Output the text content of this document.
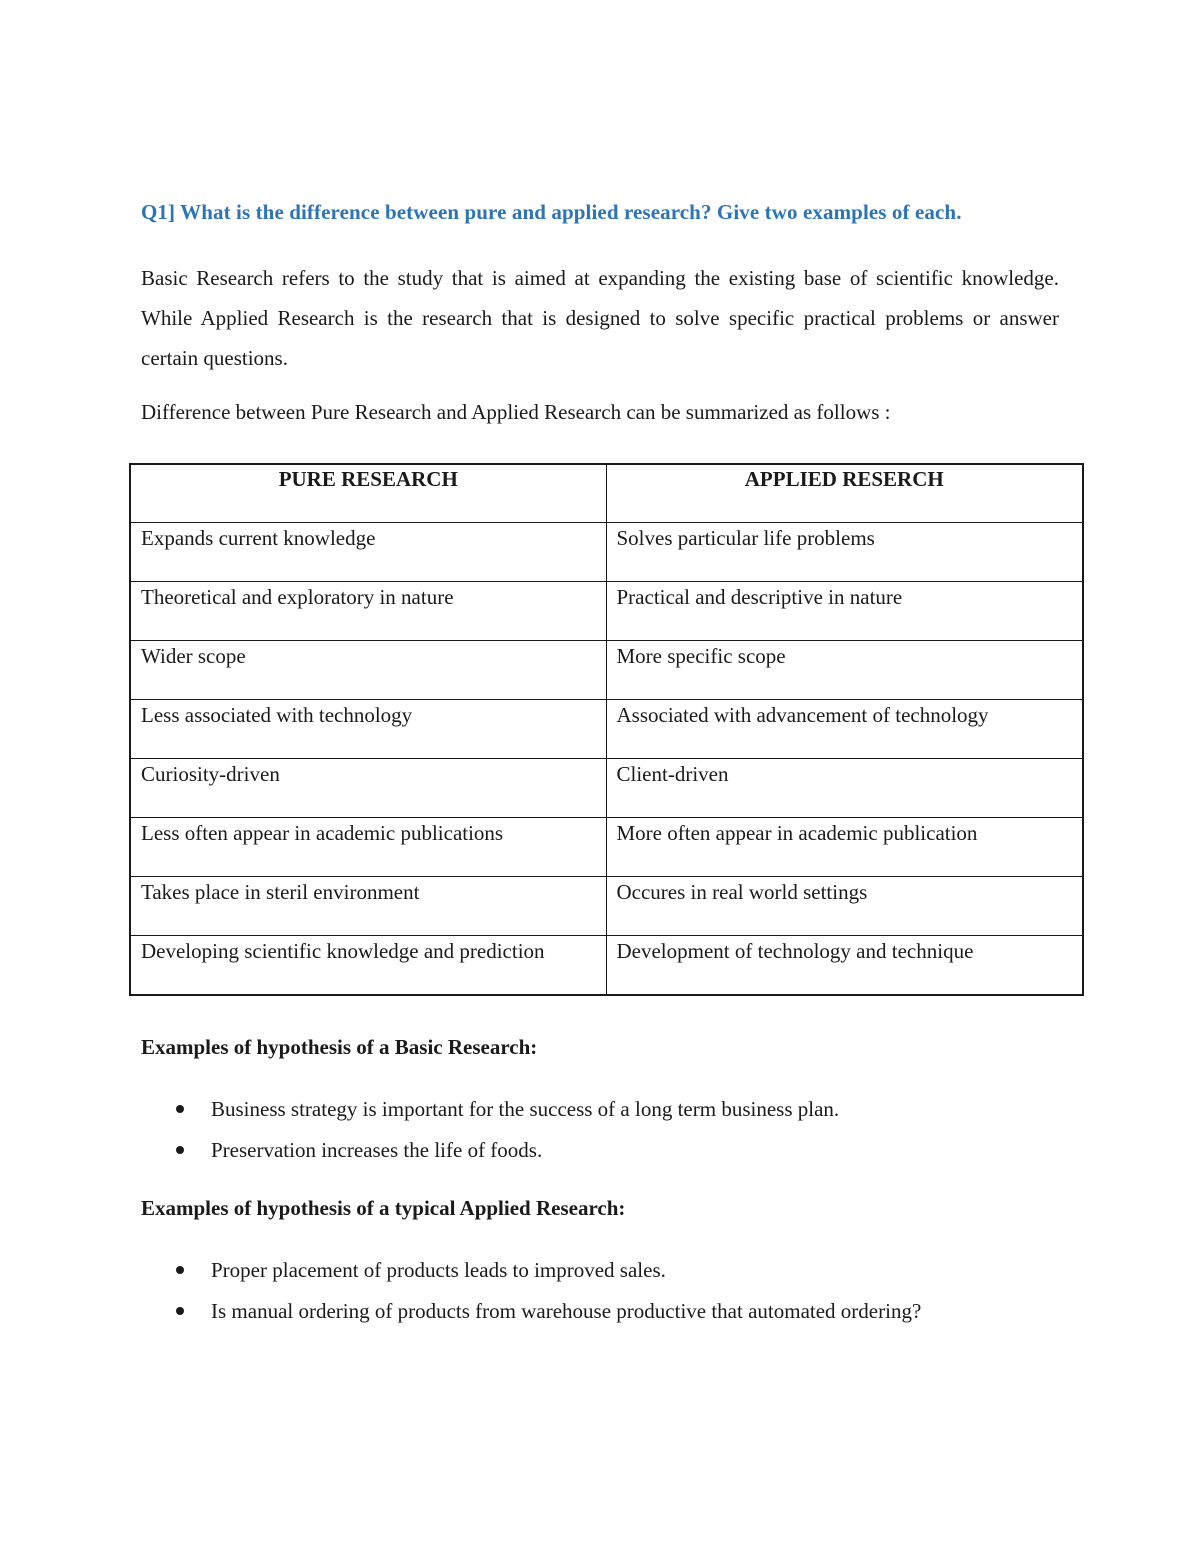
Q1] What is the difference between pure and applied research? Give two examples of each.
Basic Research refers to the study that is aimed at expanding the existing base of scientific knowledge. While Applied Research is the research that is designed to solve specific practical problems or answer certain questions.
Difference between Pure Research and Applied Research can be summarized as follows :
PURE RESEARCH	APPLIED RESERCH
Expands current knowledge	Solves particular life problems
Theoretical and exploratory in nature	Practical and descriptive in nature
Wider scope	More specific scope
Less associated with technology	Associated with advancement of technology
Curiosity-driven	Client-driven
Less often appear in academic publications	More often appear in academic publication
Takes place in steril environment	Occures in real world settings
Developing scientific knowledge and prediction	Development of technology and technique
Examples of hypothesis of a Basic Research:
Business strategy is important for the success of a long term business plan.
Preservation increases the life of foods.
Examples of hypothesis of a typical Applied Research:
Proper placement of products leads to improved sales.
Is manual ordering of products from warehouse productive that automated ordering?
